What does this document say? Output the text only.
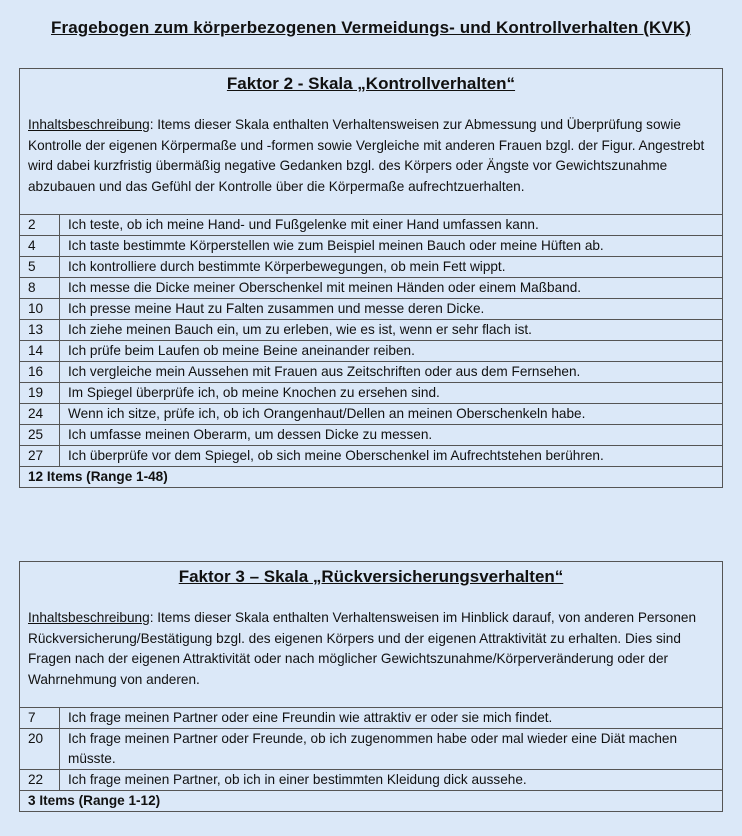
Fragebogen zum körperbezogenen Vermeidungs- und Kontrollverhalten (KVK)
Faktor 2 - Skala „Kontrollverhalten“
Inhaltsbeschreibung: Items dieser Skala enthalten Verhaltensweisen zur Abmessung und Überprüfung sowie Kontrolle der eigenen Körpermaße und -formen sowie Vergleiche mit anderen Frauen bzgl. der Figur. Angestrebt wird dabei kurzfristig übermäßig negative Gedanken bzgl. des Körpers oder Ängste vor Gewichtszunahme abzubauen und das Gefühl der Kontrolle über die Körpermaße aufrechtzuerhalten.
2	Ich teste, ob ich meine Hand- und Fußgelenke mit einer Hand umfassen kann.
4	Ich taste bestimmte Körperstellen wie zum Beispiel meinen Bauch oder meine Hüften ab.
5	Ich kontrolliere durch bestimmte Körperbewegungen, ob mein Fett wippt.
8	Ich messe die Dicke meiner Oberschenkel mit meinen Händen oder einem Maßband.
10	Ich presse meine Haut zu Falten zusammen und messe deren Dicke.
13	Ich ziehe meinen Bauch ein, um zu erleben, wie es ist, wenn er sehr flach ist.
14	Ich prüfe beim Laufen ob meine Beine aneinander reiben.
16	Ich vergleiche mein Aussehen mit Frauen aus Zeitschriften oder aus dem Fernsehen.
19	Im Spiegel überprüfe ich, ob meine Knochen zu ersehen sind.
24	Wenn ich sitze, prüfe ich, ob ich Orangenhaut/Dellen an meinen Oberschenkeln habe.
25	Ich umfasse meinen Oberarm, um dessen Dicke zu messen.
27	Ich überprüfe vor dem Spiegel, ob sich meine Oberschenkel im Aufrechtstehen berühren.
12 Items (Range 1-48)
Faktor 3 – Skala „Rückversicherungsverhalten“
Inhaltsbeschreibung: Items dieser Skala enthalten Verhaltensweisen im Hinblick darauf, von anderen Personen Rückversicherung/Bestätigung bzgl. des eigenen Körpers und der eigenen Attraktivität zu erhalten. Dies sind Fragen nach der eigenen Attraktivität oder nach möglicher Gewichtszunahme/Körperveränderung oder der Wahrnehmung von anderen.
7	Ich frage meinen Partner oder eine Freundin wie attraktiv er oder sie mich findet.
20	Ich frage meinen Partner oder Freunde, ob ich zugenommen habe oder mal wieder eine Diät machen müsste.
22	Ich frage meinen Partner, ob ich in einer bestimmten Kleidung dick aussehe.
3 Items (Range 1-12)
